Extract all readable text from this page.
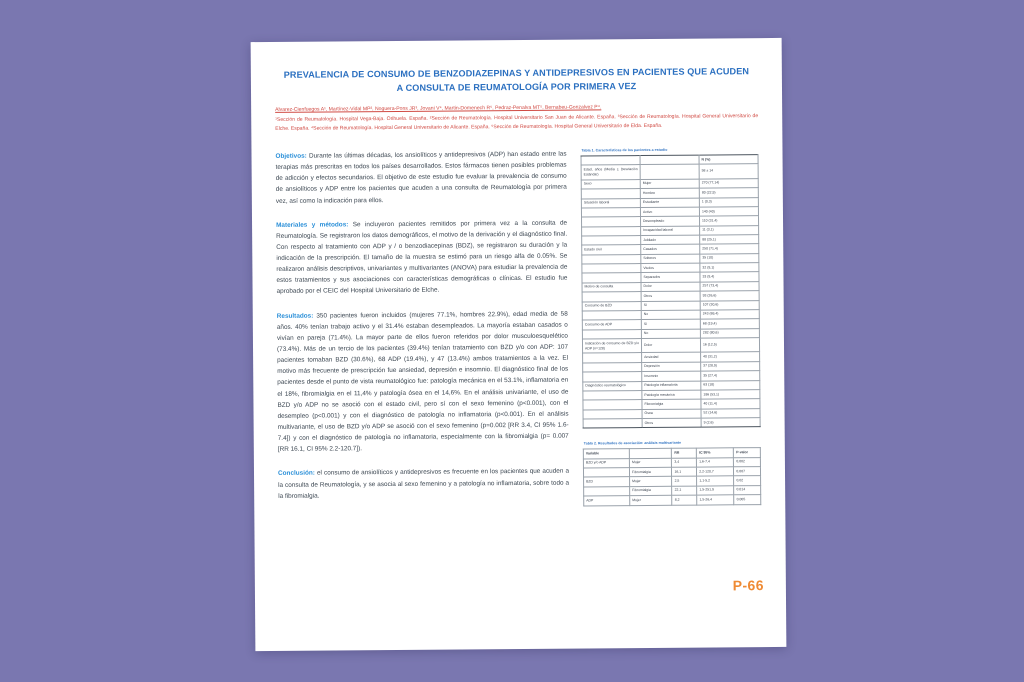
PREVALENCIA DE CONSUMO DE BENZODIAZEPINAS Y ANTIDEPRESIVOS EN PACIENTES QUE ACUDEN A CONSULTA DE REUMATOLOGÍA POR PRIMERA VEZ
Alvarez-Cienfuegos A¹, Martínez-Vidal MP², Noguera-Pons JR³, Jovani V⁴, Martin-Domenech R⁵, Pedraz-Penalva MT⁵, Bernabeu-Gonzalvez P⁴.
¹Sección de Reumatología. Hospital Vega-Baja. Orihuela. España. ²Sección de Reumatología. Hospital Universitario San Juan de Alicante. España. ³Sección de Reumatología. Hospital General Universitario de Elche. España. ⁴Sección de Reumatología. Hospital General Universitario de Alicante. España. ⁵Sección de Reumatología. Hospital General Universitario de Elda. España.

Objetivos: Durante las últimas décadas, los ansiolíticos y antidepresivos (ADP) han estado entre las terapias más prescritas en todos los países desarrollados. Estos fármacos tienen posibles problemas de adicción y efectos secundarios. El objetivo de este estudio fue evaluar la prevalencia de consumo de ansiolíticos y ADP entre los pacientes que acuden a una consulta de Reumatología por primera vez, así como la indicación para ellos.

Materiales y métodos: Se incluyeron pacientes remitidos por primera vez a la consulta de Reumatología. Se registraron los datos demográficos, el motivo de la derivación y el diagnóstico final. Con respecto al tratamiento con ADP y / o benzodiacepinas (BDZ), se registraron su duración y la indicación de la prescripción. El tamaño de la muestra se estimó para un riesgo alfa de 0.05%. Se realizaron análisis descriptivos, univariantes y multivariantes (ANOVA) para estudiar la prevalencia de estos tratamientos y sus asociaciones con características demográficas o clínicas. El estudio fue aprobado por el CEIC del Hospital Universitario de Elche.

Resultados: 350 pacientes fueron incluidos (mujeres 77.1%, hombres 22.9%), edad media de 58 años. 40% tenían trabajo activo y el 31.4% estaban desempleados. La mayoría estaban casados o vivían en pareja (71.4%). La mayor parte de ellos fueron referidos por dolor musculoesquelético (73.4%). Más de un tercio de los pacientes (39.4%) tenían tratamiento con BZD y/o con ADP: 107 pacientes tomaban BZD (30.6%), 68 ADP (19.4%), y 47 (13.4%) ambos tratamientos a la vez. El motivo más frecuente de prescripción fue ansiedad, depresión e insomnio. El diagnóstico final de los pacientes desde el punto de vista reumatológico fue: patología mecánica en el 53.1%, inflamatoria en el 18%, fibromialgia en el 11,4% y patología ósea en el 14,6%. En el análisis univariante, el uso de BZD y/o ADP no se asoció con el estado civil, pero sí con el sexo femenino (p<0.001), con el desempleo (p<0.001) y con el diagnóstico de patología no inflamatoria (p<0.001). En el análisis multivariante, el uso de BZD y/o ADP se asoció con el sexo femenino (p=0.002 [RR 3.4, CI 95% 1.6-7.4]) y con el diagnóstico de patología no inflamatoria, especialmente con la fibromialgia (p= 0.007 [RR 16.1, CI 95% 2.2-120.7]).

Conclusión: el consumo de ansiolíticos y antidepresivos es frecuente en los pacientes que acuden a la consulta de Reumatología, y se asocia al sexo femenino y a patología no inflamatoria, sobre todo a la fibromialgia.

Tabla 1. Características de los pacientes a estudio
		N (%)
Edad, años (Media ± Desviación Estándar)		58 ± 14
Sexo	Mujer	270 (77,14)
	Hombre	80 (22,9)
Situación laboral	Estudiante	1 (0,3)
	Activo	140 (40)
	Desempleado	110 (31,4)
	Incapacidad laboral	11 (3,1)
	Jubilado	88 (25,1)
Estado civil	Casados	250 (71,4)
	Solteros	35 (10)
	Viudos	32 (9,1)
	Separados	33 (9,4)
Motivo de consulta	Dolor	257 (73,4)
	Otros	93 (26,6)
Consumo de BZD	Sí	107 (30,6)
	No	243 (69,4)
Consumo de ADP	Sí	68 (19,4)
	No	282 (80,6)
Indicación de consumo de BZD y/o ADP (n=128)	Dolor	16 (12,5)
	Ansiedad	40 (31,2)
	Depresión	37 (28,9)
	Insomnio	35 (27,4)
Diagnóstico reumatológico	Patología inflamatoria	63 (18)
	Patología mecánica	186 (53,1)
	Fibromialgia	40 (11,4)
	Ósea	52 (14,6)
	Otros	9 (2,6)
Tabla 2. Resultados de asociación: análisis multivariante
Variable		RR	IC 95%	P-valor
BZD y/o ADP	Mujer	3,4	1,6-7,4	0,002
	Fibromialgia	16,1	2,2-120,7	0,007
BZD	Mujer	2,5	1,1-5,2	0,02
	Fibromialgia	22,1	1,5-251,9	0,014
ADP	Mujer	8,2	1,5-26,4	0,005
P-66
